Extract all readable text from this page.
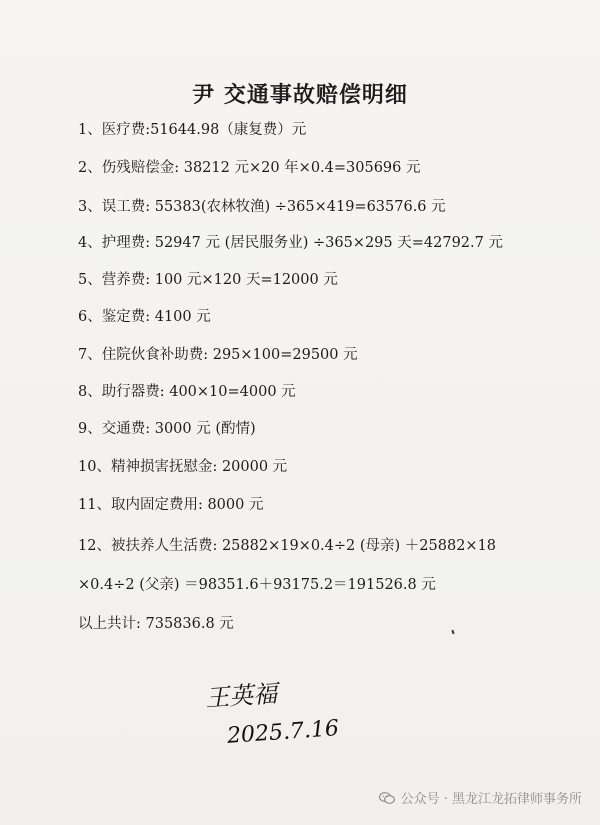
尹 交通事故赔偿明细
1、医疗费:51644.98（康复费）元
2、伤残赔偿金: 38212 元×20 年×0.4=305696 元
3、误工费: 55383(农林牧渔) ÷365×419=63576.6 元
4、护理费: 52947 元 (居民服务业) ÷365×295 天=42792.7 元
5、营养费: 100 元×120 天=12000 元
6、鉴定费: 4100 元
7、住院伙食补助费: 295×100=29500 元
8、助行器费: 400×10=4000 元
9、交通费: 3000 元 (酌情)
10、精神损害抚慰金: 20000 元
11、取内固定费用: 8000 元
12、被扶养人生活费: 25882×19×0.4÷2 (母亲) ＋25882×18
×0.4÷2 (父亲) ＝98351.6＋93175.2＝191526.8 元
以上共计: 735836.8 元
王英福
2025.7.16
公众号 · 黑龙江龙拓律师事务所
